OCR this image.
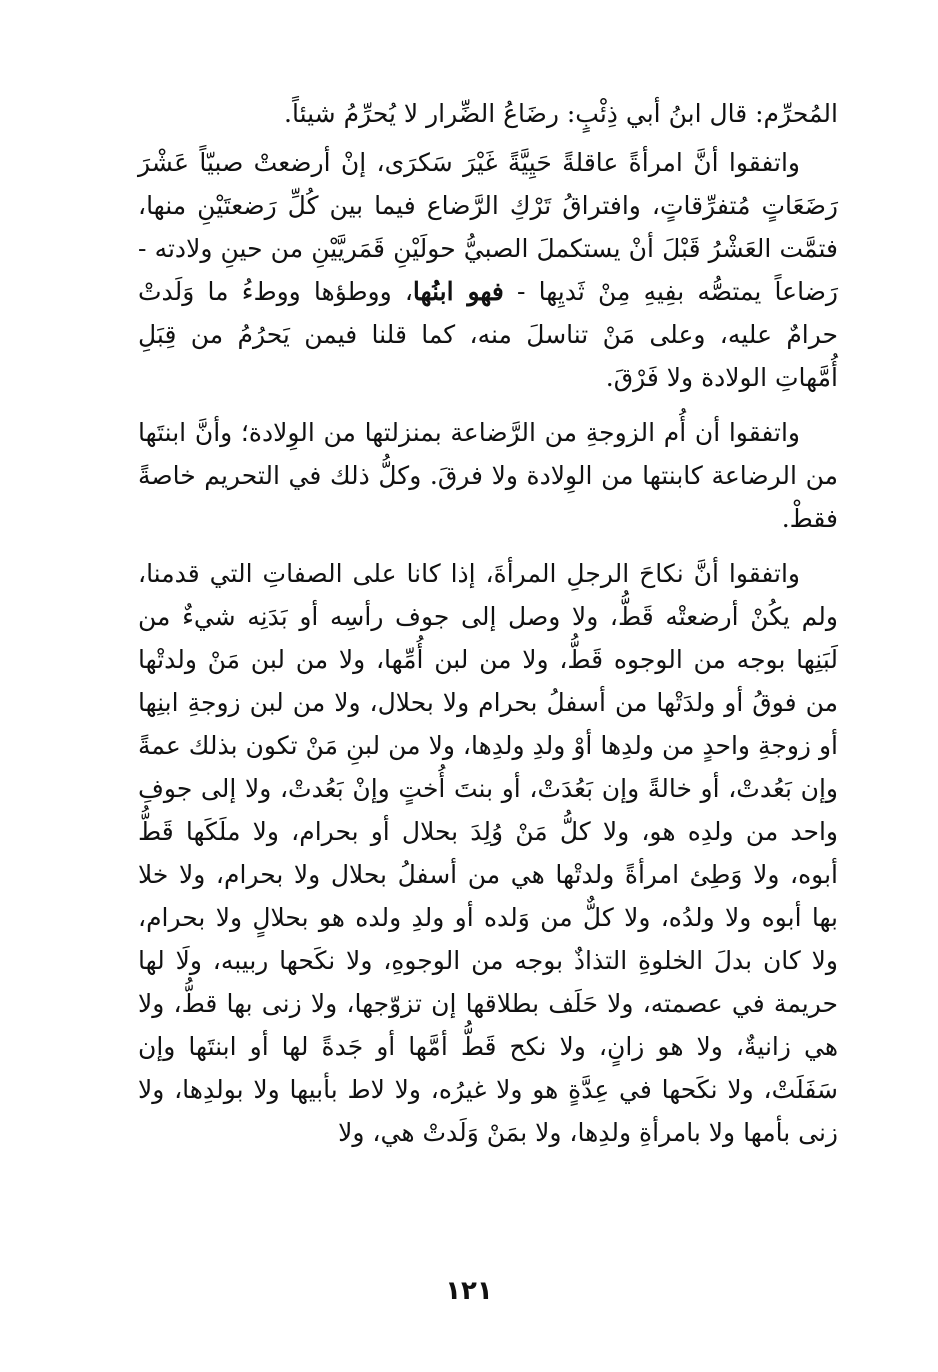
المُحرِّم: قال ابنُ أبي ذِئْبٍ: رضَاعُ الضِّرار لا يُحرِّمُ شيئاً.

واتفقوا أنَّ امرأةً عاقلةً حَيِيَّةً غَيْرَ سَكرَى، إنْ أرضعتْ صبيّاً عَشْرَ رَضَعَاتٍ مُتفرِّقاتٍ، وافتراقُ تَرْكِ الرَّضاع فيما بين كُلِّ رَضعتَيْنِ منها، فتمَّت العَشْرُ قَبْلَ أنْ يستكملَ الصبيُّ حولَيْنِ قَمَريَّيْنِ من حينِ ولادته - رَضاعاً يمتصُّه بفِيهِ مِنْ ثَديِها - فهو ابنُها، ووطؤها ووطءُ ما وَلَدتْ حرامٌ عليه، وعلى مَنْ تناسلَ منه، كما قلنا فيمن يَحرُمُ من قِبَلِ أُمَّهاتِ الولادة ولا فَرْقَ.

واتفقوا أن أُم الزوجةِ من الرَّضاعة بمنزلتها من الوِلادة؛ وأنَّ ابنتَها من الرضاعة كابنتها من الوِلادة ولا فرقَ. وكلُّ ذلك في التحريم خاصةً فقطْ.

واتفقوا أنَّ نكاحَ الرجلِ المرأةَ، إذا كانا على الصفاتِ التي قدمنا، ولم يكُنْ أرضعتْه قَطُّ، ولا وصل إلى جوف رأسِه أو بَدَنِه شيءٌ من لَبَنِها بوجه من الوجوه قَطُّ، ولا من لبن أُمِّها، ولا من لبن مَنْ ولدتْها من فوقُ أو ولدَتْها من أسفلُ بحرام ولا بحلال، ولا من لبن زوجةِ ابنِها أو زوجةِ واحدٍ من ولدِها أوْ ولدِ ولدِها، ولا من لبنِ مَنْ تكون بذلك عمةً وإن بَعُدتْ، أو خالةً وإن بَعُدَتْ، أو بنتَ أُختٍ وإنْ بَعُدتْ، ولا إلى جوفِ واحد من ولدِه هو، ولا كلُّ مَنْ وُلِدَ بحلال أو بحرام، ولا ملَكَها قَطُّ أبوه، ولا وَطِئ امرأةً ولدتْها هي من أسفلُ بحلال ولا بحرام، ولا خلا بها أبوه ولا ولدُه، ولا كلٌّ من وَلده أو ولدِ ولده هو بحلالٍ ولا بحرام، ولا كان بدلَ الخلوةِ التذاذٌ بوجه من الوجوهِ، ولا نكَحها ربيبه، ولَا لها حريمة في عصمته، ولا حَلَف بطلاقها إن تزوّجها، ولا زنى بها قطُّ، ولا هي زانيةٌ، ولا هو زانٍ، ولا نكح قَطُّ أمَّها أو جَدةً لها أو ابنتَها وإن سَفَلَتْ، ولا نكَحها في عِدَّةٍ هو ولا غيرُه، ولا لاط بأبيها ولا بولدِها، ولا زنى بأمها ولا بامرأةِ ولدِها، ولا بمَنْ وَلَدتْ هي، ولا

١٢١
